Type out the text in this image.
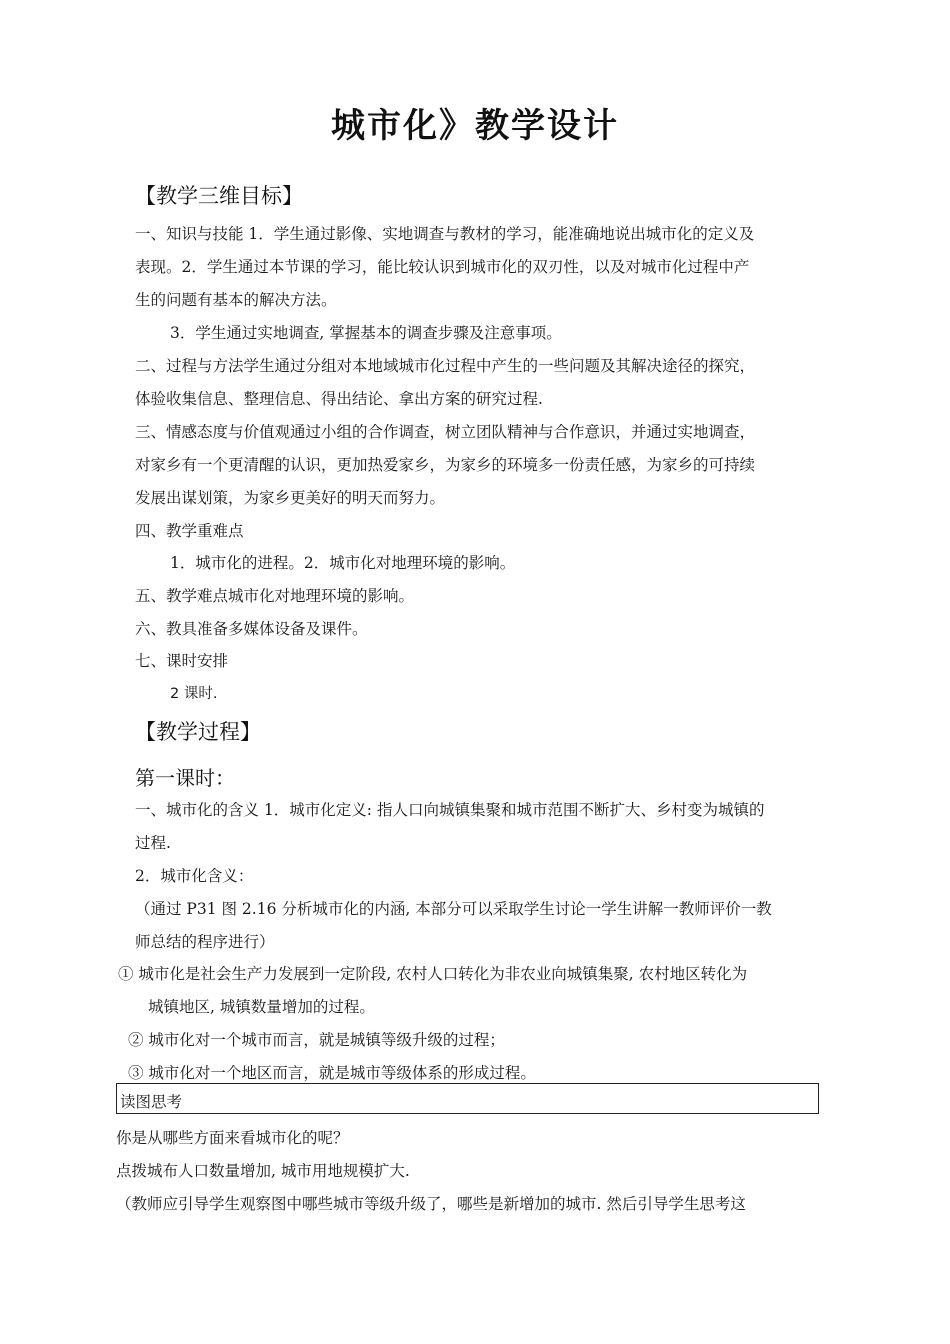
城市化》教学设计
【教学三维目标】
一、知识与技能 1．学生通过影像、实地调查与教材的学习，能准确地说出城市化的定义及
表现。2．学生通过本节课的学习，能比较认识到城市化的双刃性，以及对城市化过程中产
生的问题有基本的解决方法。
3．学生通过实地调查, 掌握基本的调查步骤及注意事项。
二、过程与方法学生通过分组对本地域城市化过程中产生的一些问题及其解决途径的探究，
体验收集信息、整理信息、得出结论、拿出方案的研究过程.
三、情感态度与价值观通过小组的合作调查，树立团队精神与合作意识，并通过实地调查，
对家乡有一个更清醒的认识，更加热爱家乡，为家乡的环境多一份责任感，为家乡的可持续
发展出谋划策，为家乡更美好的明天而努力。
四、教学重难点
1．城市化的进程。2．城市化对地理环境的影响。
五、教学难点城市化对地理环境的影响。
六、教具准备多媒体设备及课件。
七、课时安排
2 课时.
【教学过程】
第一课时：
一、城市化的含义 1．城市化定义: 指人口向城镇集聚和城市范围不断扩大、乡村变为城镇的
过程.
2．城市化含义：
（通过 P31 图 2.16 分析城市化的内涵, 本部分可以采取学生讨论一学生讲解一教师评价一教
师总结的程序进行）
① 城市化是社会生产力发展到一定阶段, 农村人口转化为非农业向城镇集聚, 农村地区转化为
城镇地区, 城镇数量增加的过程。
② 城市化对一个城市而言，就是城镇等级升级的过程；
③ 城市化对一个地区而言，就是城市等级体系的形成过程。
读图思考
你是从哪些方面来看城市化的呢？
点拨城布人口数量增加, 城市用地规模扩大.
（教师应引导学生观察图中哪些城市等级升级了，哪些是新增加的城市. 然后引导学生思考这
